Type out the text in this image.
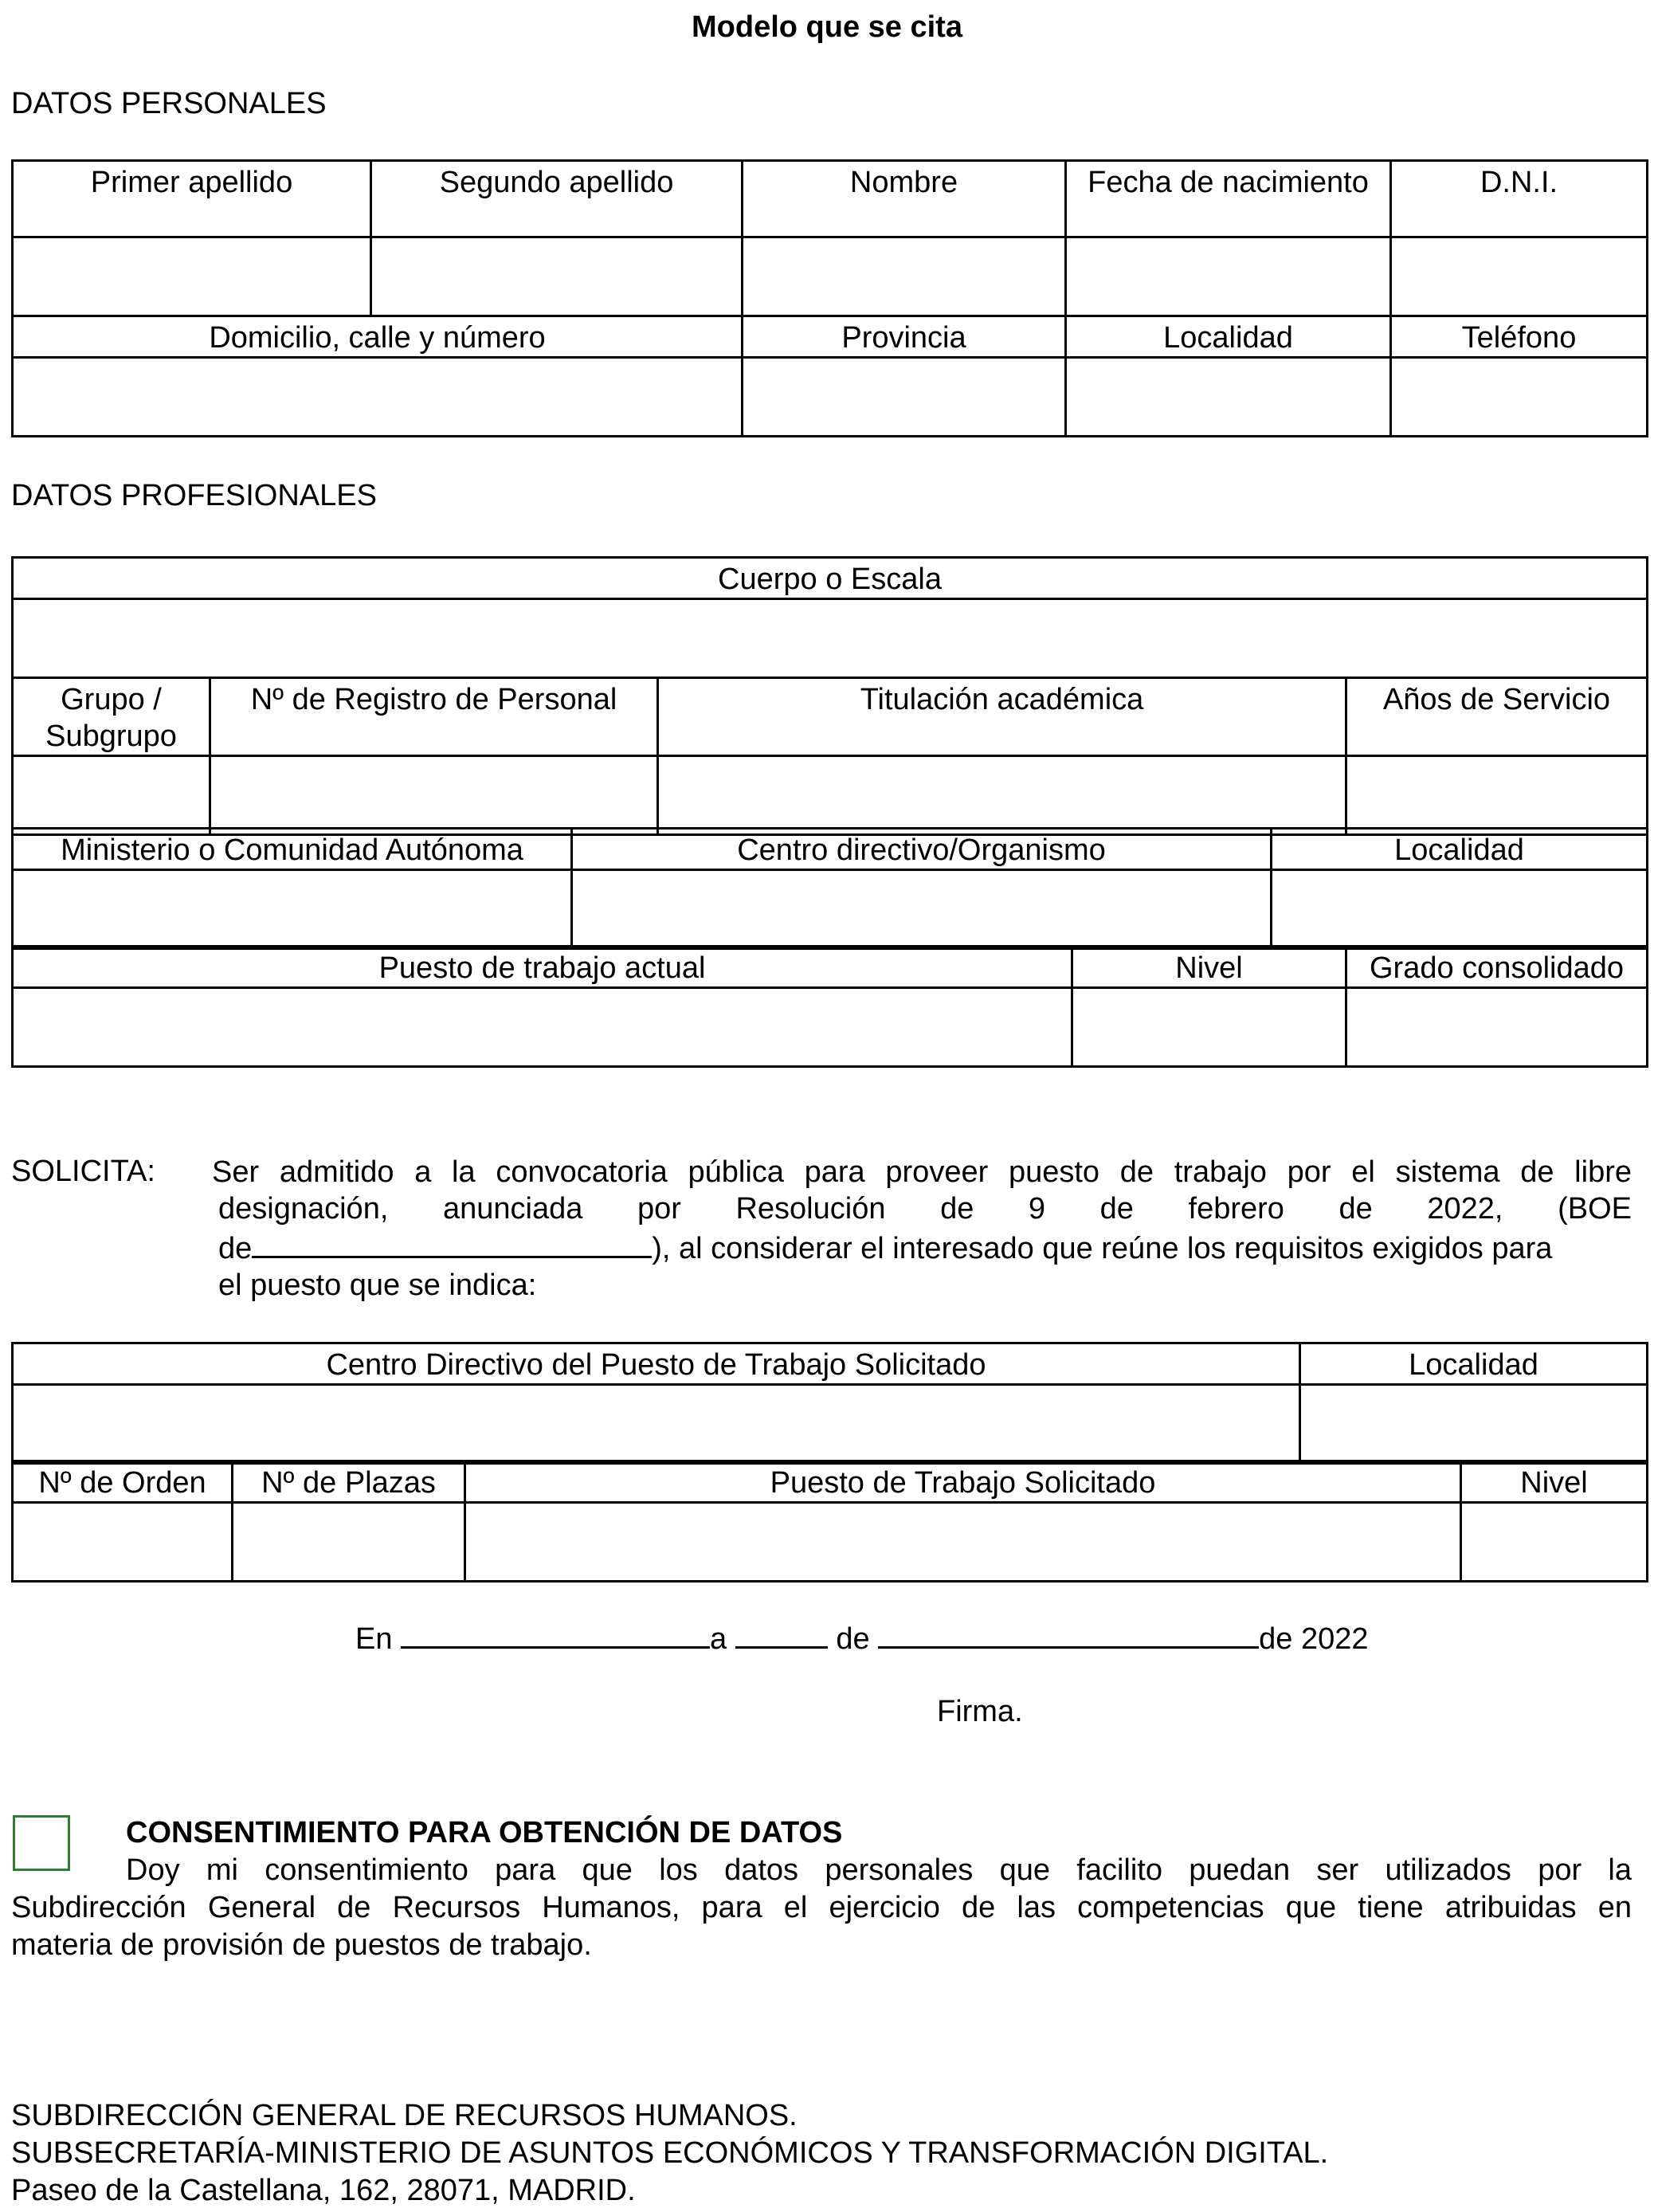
Modelo que se cita
DATOS PERSONALES
Primer apellido	Segundo apellido	Nombre	Fecha de nacimiento	D.N.I.

Domicilio, calle y número		Provincia	Localidad	Teléfono

DATOS PROFESIONALES
Cuerpo o Escala			

Grupo / Subgrupo	Nº de Registro de Personal	Titulación académica	Años de Servicio

Ministerio o Comunidad Autónoma	Centro directivo/Organismo	Localidad

Puesto de trabajo actual	Nivel	Grado consolidado

SOLICITA: Ser admitido a la convocatoria pública para proveer puesto de trabajo por el sistema de libre

designación, anunciada por Resolución de 9 de febrero de 2022, (BOE

de	), al considerar el interesado que reúne los requisitos exigidos para

el puesto que se indica:

Centro Directivo del Puesto de Trabajo Solicitado	Localidad

Nº de Orden	Nº de Plazas	Puesto de Trabajo Solicitado	Nivel

En	a	de	de 2022
Firma.
CONSENTIMIENTO PARA OBTENCIÓN DE DATOS

Doy mi consentimiento para que los datos personales que facilito puedan ser utilizados por la

Subdirección General de Recursos Humanos, para el ejercicio de las competencias que tiene atribuidas en

materia de provisión de puestos de trabajo.

SUBDIRECCIÓN GENERAL DE RECURSOS HUMANOS.
SUBSECRETARÍA-MINISTERIO DE ASUNTOS ECONÓMICOS Y TRANSFORMACIÓN DIGITAL.
Paseo de la Castellana, 162, 28071, MADRID.
